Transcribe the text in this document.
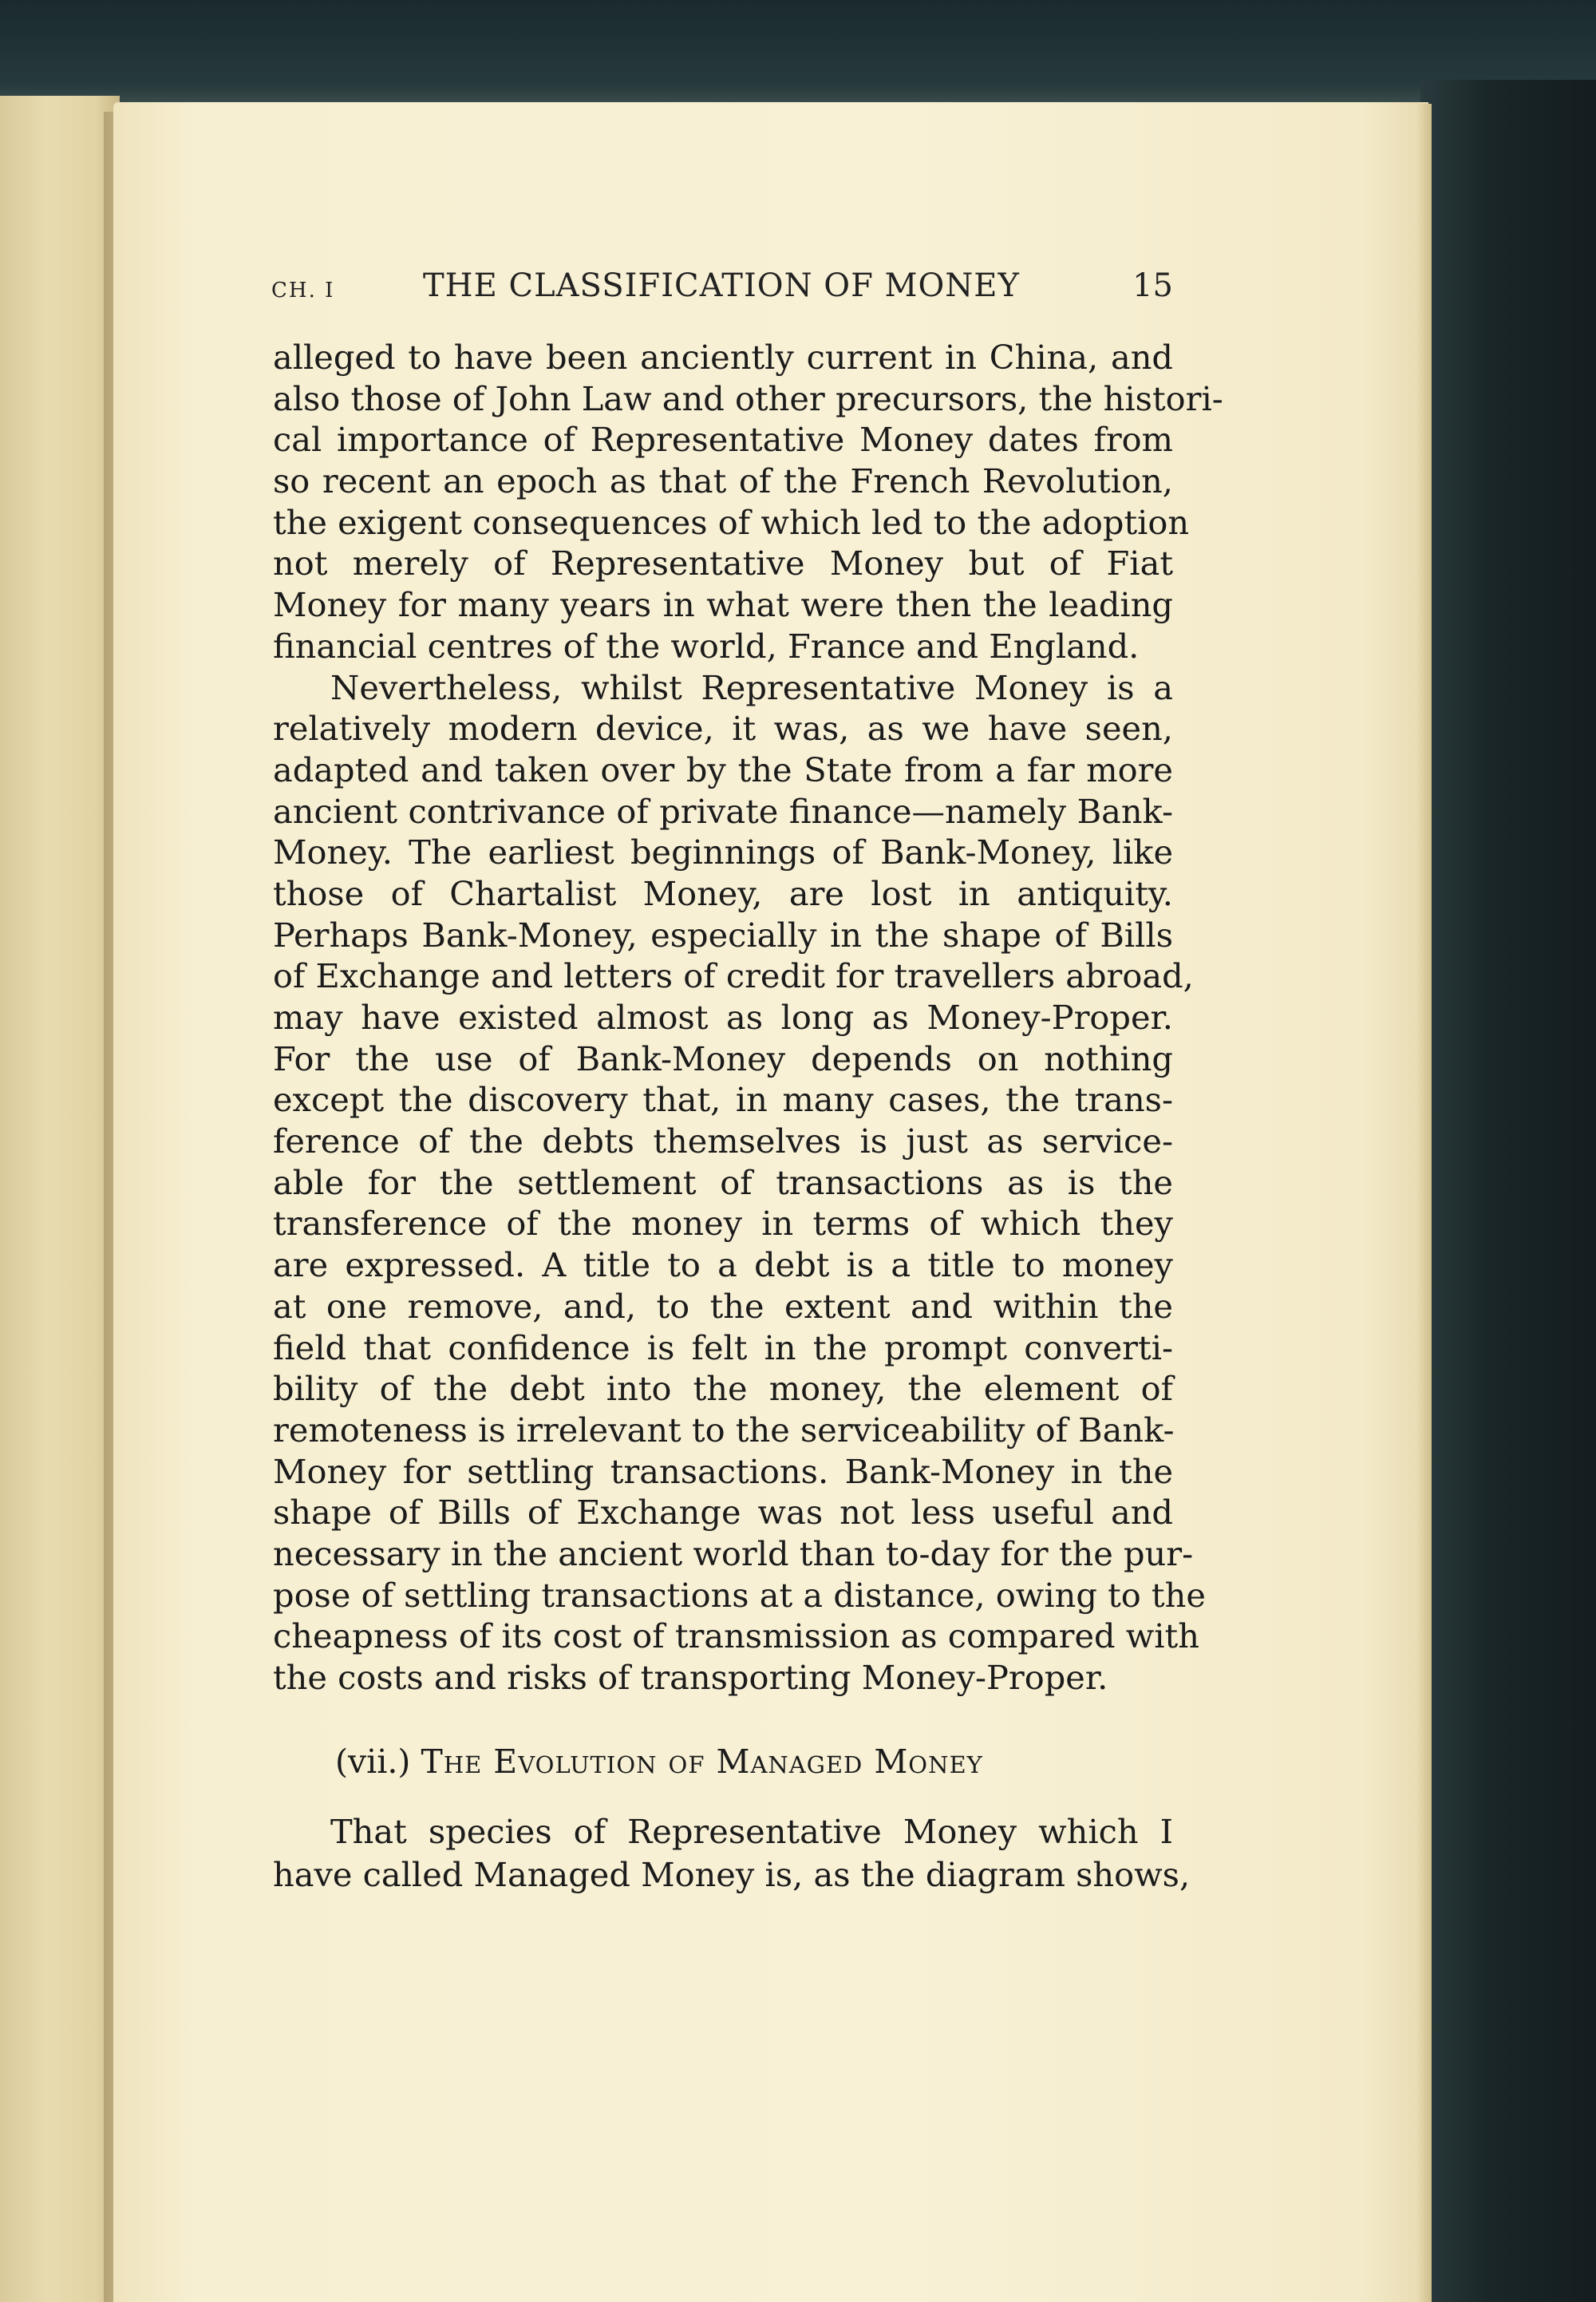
CH. I	THE CLASSIFICATION OF MONEY	15
alleged to have been anciently current in China, and
also those of John Law and other precursors, the histori-
cal importance of Representative Money dates from
so recent an epoch as that of the French Revolution,
the exigent consequences of which led to the adoption
not merely of Representative Money but of Fiat
Money for many years in what were then the leading
financial centres of the world, France and England.
Nevertheless, whilst Representative Money is a
relatively modern device, it was, as we have seen,
adapted and taken over by the State from a far more
ancient contrivance of private finance—namely Bank-
Money. The earliest beginnings of Bank-Money, like
those of Chartalist Money, are lost in antiquity.
Perhaps Bank-Money, especially in the shape of Bills
of Exchange and letters of credit for travellers abroad,
may have existed almost as long as Money-Proper.
For the use of Bank-Money depends on nothing
except the discovery that, in many cases, the trans-
ference of the debts themselves is just as service-
able for the settlement of transactions as is the
transference of the money in terms of which they
are expressed. A title to a debt is a title to money
at one remove, and, to the extent and within the
field that confidence is felt in the prompt converti-
bility of the debt into the money, the element of
remoteness is irrelevant to the serviceability of Bank-
Money for settling transactions. Bank-Money in the
shape of Bills of Exchange was not less useful and
necessary in the ancient world than to-day for the pur-
pose of settling transactions at a distance, owing to the
cheapness of its cost of transmission as compared with
the costs and risks of transporting Money-Proper.
(vii.) The Evolution of Managed Money
That species of Representative Money which I
have called Managed Money is, as the diagram shows,
